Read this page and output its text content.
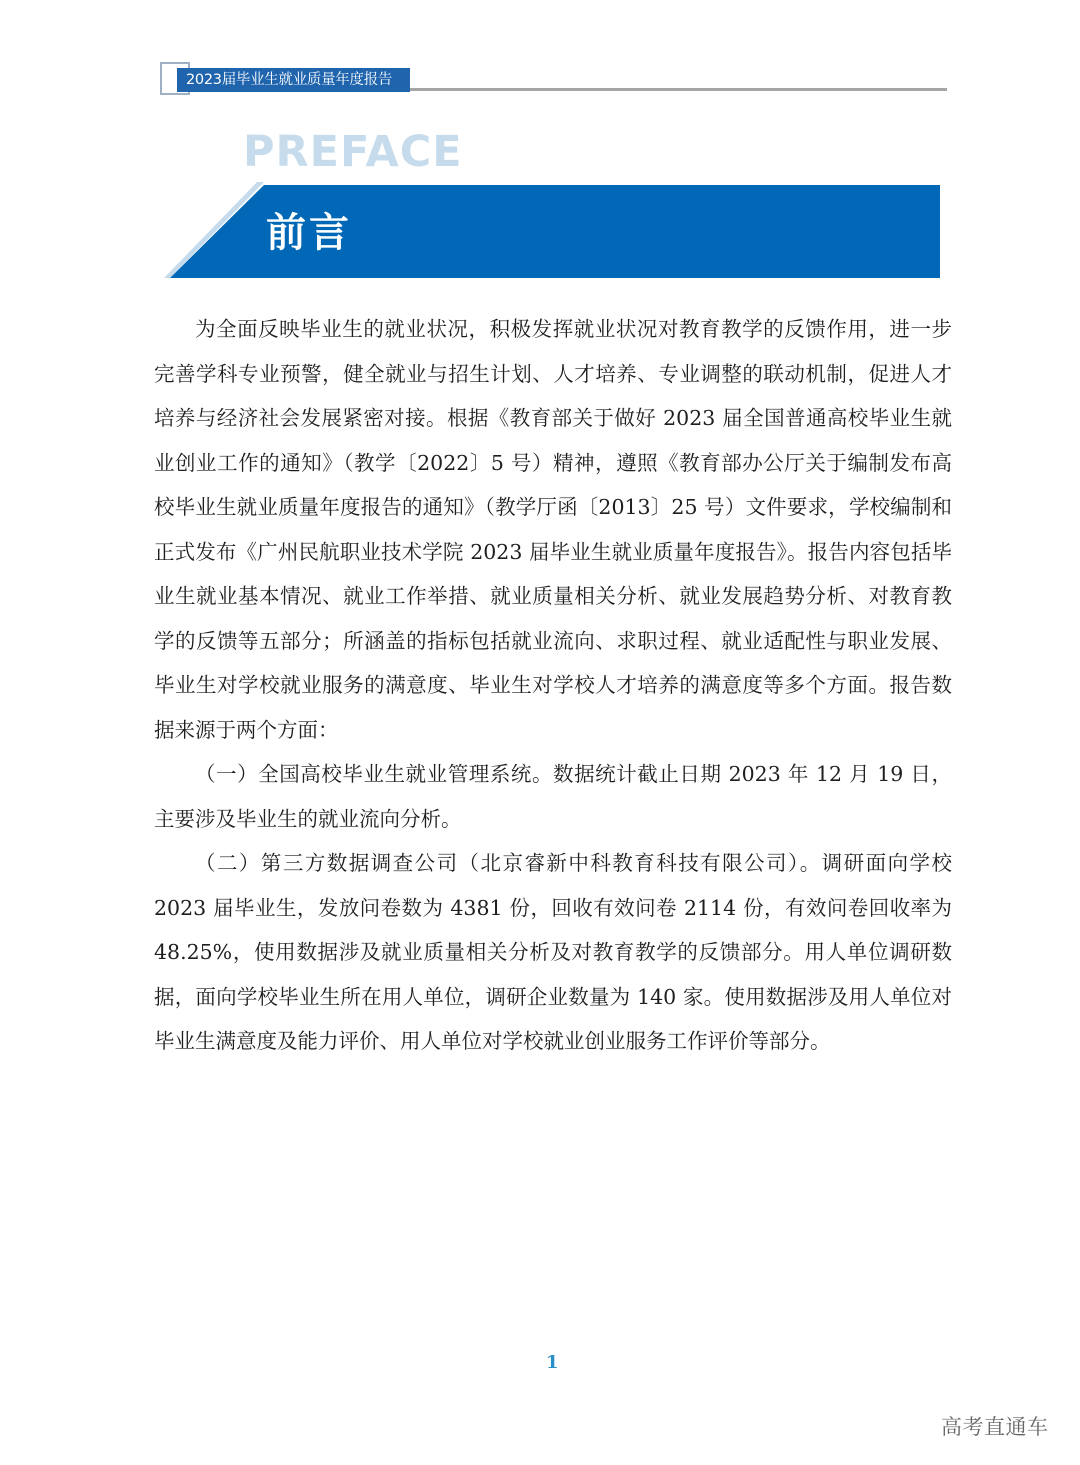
2023届毕业生就业质量年度报告
PREFACE
前言

为全面反映毕业生的就业状况，积极发挥就业状况对教育教学的反馈作用，进一步完善学科专业预警，健全就业与招生计划、人才培养、专业调整的联动机制，促进人才培养与经济社会发展紧密对接。根据《教育部关于做好 2023 届全国普通高校毕业生就业创业工作的通知》（教学〔2022〕5 号）精神，遵照《教育部办公厅关于编制发布高校毕业生就业质量年度报告的通知》（教学厅函〔2013〕25 号）文件要求，学校编制和正式发布《广州民航职业技术学院 2023 届毕业生就业质量年度报告》。报告内容包括毕业生就业基本情况、就业工作举措、就业质量相关分析、就业发展趋势分析、对教育教学的反馈等五部分；所涵盖的指标包括就业流向、求职过程、就业适配性与职业发展、毕业生对学校就业服务的满意度、毕业生对学校人才培养的满意度等多个方面。报告数据来源于两个方面：

（一）全国高校毕业生就业管理系统。数据统计截止日期 2023 年 12 月 19 日，主要涉及毕业生的就业流向分析。

（二）第三方数据调查公司（北京睿新中科教育科技有限公司）。调研面向学校 2023 届毕业生，发放问卷数为 4381 份，回收有效问卷 2114 份，有效问卷回收率为 48.25%，使用数据涉及就业质量相关分析及对教育教学的反馈部分。用人单位调研数据，面向学校毕业生所在用人单位，调研企业数量为 140 家。使用数据涉及用人单位对毕业生满意度及能力评价、用人单位对学校就业创业服务工作评价等部分。

1
高考直通车
